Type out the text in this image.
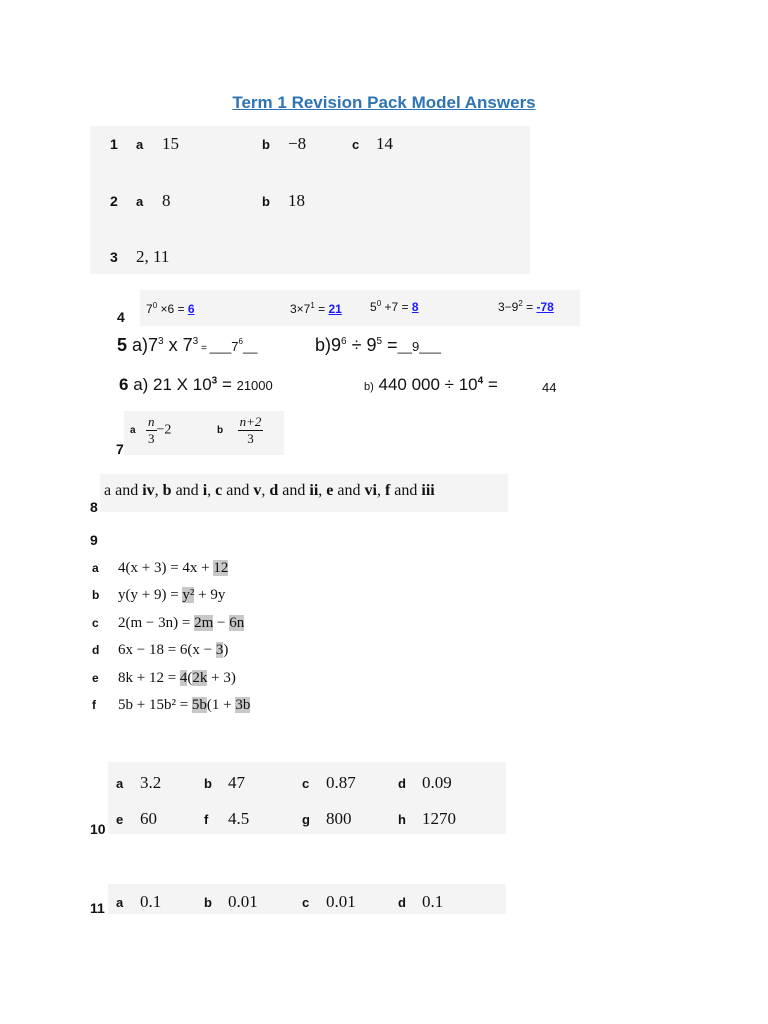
Term 1 Revision Pack Model Answers
1 a 15	b −8	c 14
2 a 8	b 18
3 2, 11
4 $7^0 \times 6 = 6$	$3\times 7^1 = 21$ $5^0 +7 = 8$	$3-9^2 = -78$
5 $a)7^3$ x $7^3$ = $\_\_\_7^6\_\_$	$b)9^6 \div 9^5$ =__9___
6 a) 21 X $10^3 = 21000$	b) 440 $000 \div 10^4$ =	44
7
a $\frac{n}{3} -2$	b $\frac{n+2}{3}$
8
a and iv, b and i, c and v, d and ii, e and vi, f and iii
9
a 4(x + 3) = 4x + 12
b y(y + 9) = y² + 9y
c 2(m − 3n) = 2m − 6n
d 6x − 18 = 6(x − 3)
e 8k + 12 = 4(2k + 3)
f 5b + 15b² = 5b(1 + 3b
10
a 3.2	b 47	c 0.87	d 0.09
e 60	f 4.5	g 800	h 1270
11 a 0.1	b 0.01	c 0.01	d 0.1
